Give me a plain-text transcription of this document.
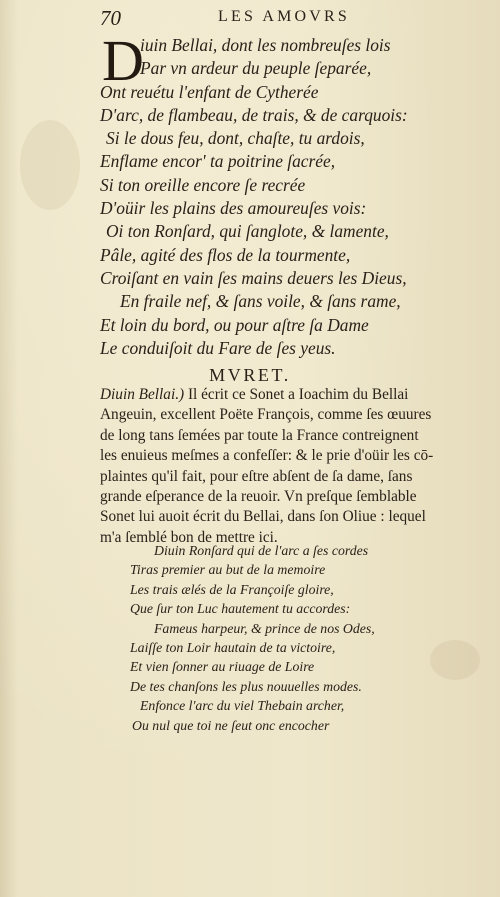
70	LES AMOVRS
D
iuin Bellai, dont les nombreuſes lois
Par vn ardeur du peuple ſeparée,
Ont reuétu l'enfant de Cytherée
D'arc, de flambeau, de trais, & de carquois:
Si le dous feu, dont, chaſte, tu ardois,
Enflame encor' ta poitrine ſacrée,
Si ton oreille encore ſe recrée
D'oüir les plains des amoureuſes vois:
Oi ton Ronſard, qui ſanglote, & lamente,
Pâle, agité des flos de la tourmente,
Croiſant en vain ſes mains deuers les Dieus,
En fraile nef, & ſans voile, & ſans rame,
Et loin du bord, ou pour aſtre ſa Dame
Le conduiſoit du Fare de ſes yeus.
MVRET.
Diuin Bellai.) Il écrit ce Sonet a Ioachim du Bellai
Angeuin, excellent Poëte François, comme ſes œuures
de long tans ſemées par toute la France contreignent
les enuieus meſmes a confeſſer: & le prie d'oüir les cō-
plaintes qu'il fait, pour eſtre abſent de ſa dame, ſans
grande eſperance de la reuoir. Vn preſque ſemblable
Sonet lui auoit écrit du Bellai, dans ſon Oliue : lequel
m'a ſemblé bon de mettre ici.
Diuin Ronſard qui de l'arc a ſes cordes
Tiras premier au but de la memoire
Les trais ælés de la Françoiſe gloire,
Que ſur ton Luc hautement tu accordes:
Fameus harpeur, & prince de nos Odes,
Laiſſe ton Loir hautain de ta victoire,
Et vien ſonner au riuage de Loire
De tes chanſons les plus nouuelles modes.
Enfonce l'arc du viel Thebain archer,
Ou nul que toi ne ſeut onc encocher
